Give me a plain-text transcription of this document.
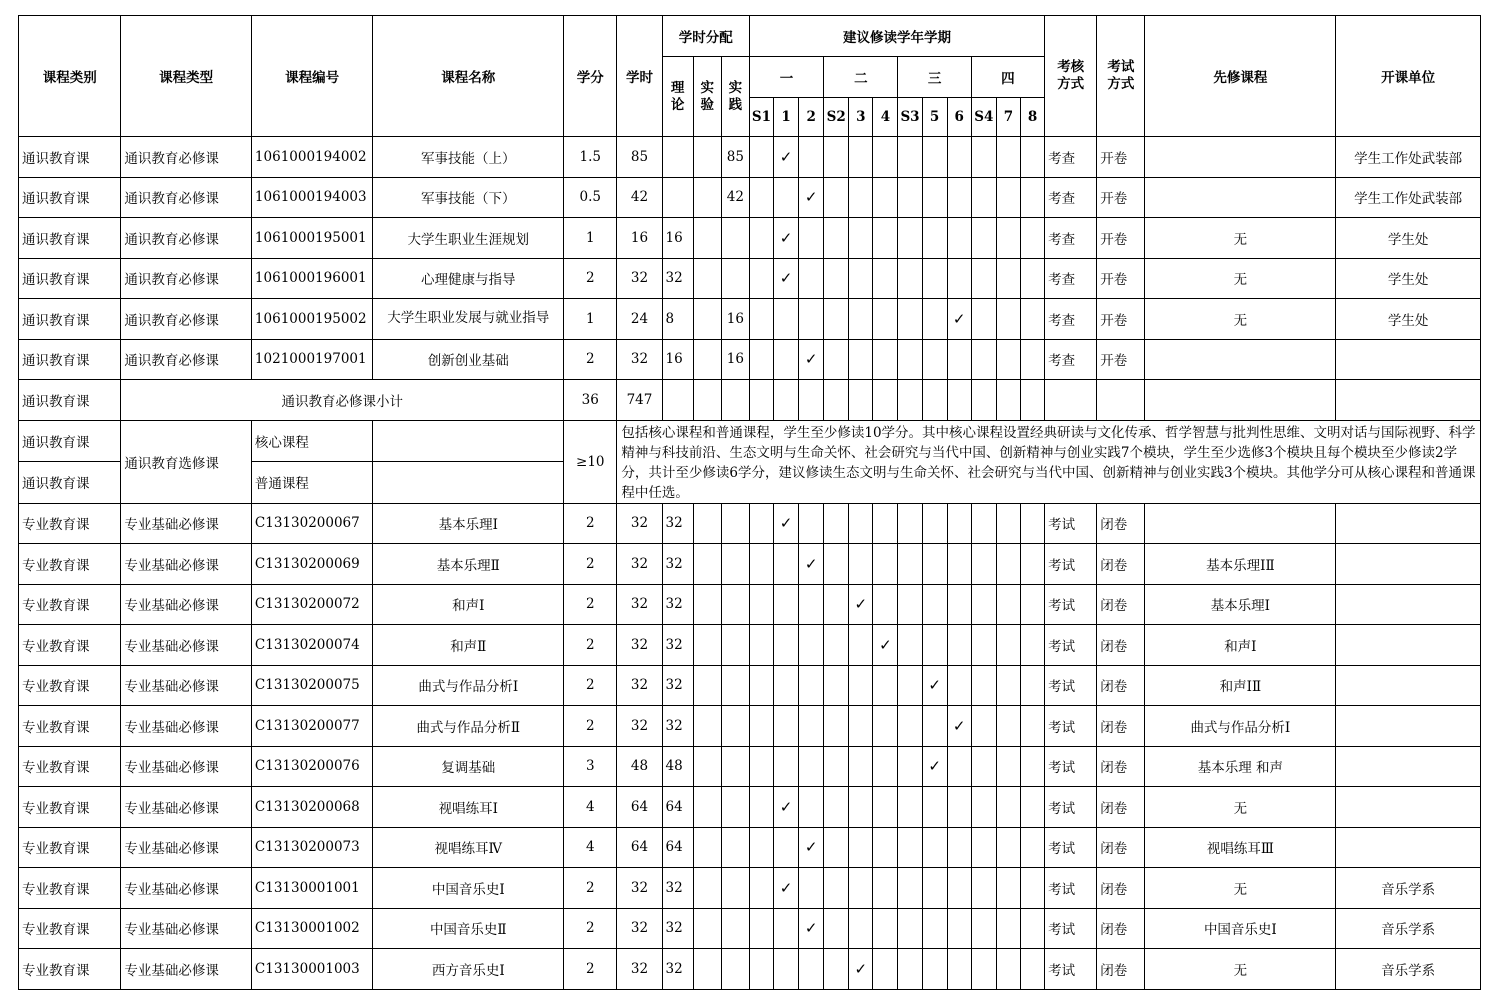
课程类别	课程类型	课程编号	课程名称	学分	学时	学时分配			建议修读学年学期												考核方式	考试方式	先修课程	开课单位

						理论	实验	实践	一			二			三			四						
									S1	1	2	S2	3	4	S3	5	6	S4	7	8				
通识教育课	通识教育必修课	1061000194002	军事技能（上）	1.5	85			85		✓											考查	开卷		学生工作处武装部
通识教育课	通识教育必修课	1061000194003	军事技能（下）	0.5	42			42			✓										考查	开卷		学生工作处武装部
通识教育课	通识教育必修课	1061000195001	大学生职业生涯规划	1	16	16				✓											考查	开卷	无	学生处
通识教育课	通识教育必修课	1061000196001	心理健康与指导	2	32	32				✓											考查	开卷	无	学生处
通识教育课	通识教育必修课	1061000195002	大学生职业发展与就业指导	1	24	8		16									✓				考查	开卷	无	学生处
通识教育课	通识教育必修课	1021000197001	创新创业基础	2	32	16		16			✓										考查	开卷		
通识教育课	通识教育必修课小计			36	747																			
通识教育课	通识教育选修课	核心课程		≥10	包括核心课程和普通课程，学生至少修读10学分。其中核心课程设置经典研读与文化传承、哲学智慧与批判性思维、文明对话与国际视野、科学精神与科技前沿、生态文明与生命关怀、社会研究与当代中国、创新精神与创业实践7个模块，学生至少选修3个模块且每个模块至少修读2学分，共计至少修读6学分，建议修读生态文明与生命关怀、社会研究与当代中国、创新精神与创业实践3个模块。其他学分可从核心课程和普通课程中任选。																			
通识教育课		普通课程																						
专业教育课	专业基础必修课	C13130200067	基本乐理Ⅰ	2	32	32				✓											考试	闭卷		
专业教育课	专业基础必修课	C13130200069	基本乐理Ⅱ	2	32	32					✓										考试	闭卷	基本乐理ⅠⅡ	
专业教育课	专业基础必修课	C13130200072	和声Ⅰ	2	32	32							✓								考试	闭卷	基本乐理Ⅰ	
专业教育课	专业基础必修课	C13130200074	和声Ⅱ	2	32	32								✓							考试	闭卷	和声Ⅰ	
专业教育课	专业基础必修课	C13130200075	曲式与作品分析Ⅰ	2	32	32										✓					考试	闭卷	和声ⅠⅡ	
专业教育课	专业基础必修课	C13130200077	曲式与作品分析Ⅱ	2	32	32											✓				考试	闭卷	曲式与作品分析Ⅰ	
专业教育课	专业基础必修课	C13130200076	复调基础	3	48	48										✓					考试	闭卷	基本乐理 和声	
专业教育课	专业基础必修课	C13130200068	视唱练耳Ⅰ	4	64	64				✓											考试	闭卷	无	
专业教育课	专业基础必修课	C13130200073	视唱练耳Ⅳ	4	64	64					✓										考试	闭卷	视唱练耳Ⅲ	
专业教育课	专业基础必修课	C13130001001	中国音乐史Ⅰ	2	32	32				✓											考试	闭卷	无	音乐学系
专业教育课	专业基础必修课	C13130001002	中国音乐史Ⅱ	2	32	32					✓										考试	闭卷	中国音乐史Ⅰ	音乐学系
专业教育课	专业基础必修课	C13130001003	西方音乐史Ⅰ	2	32	32							✓								考试	闭卷	无	音乐学系
